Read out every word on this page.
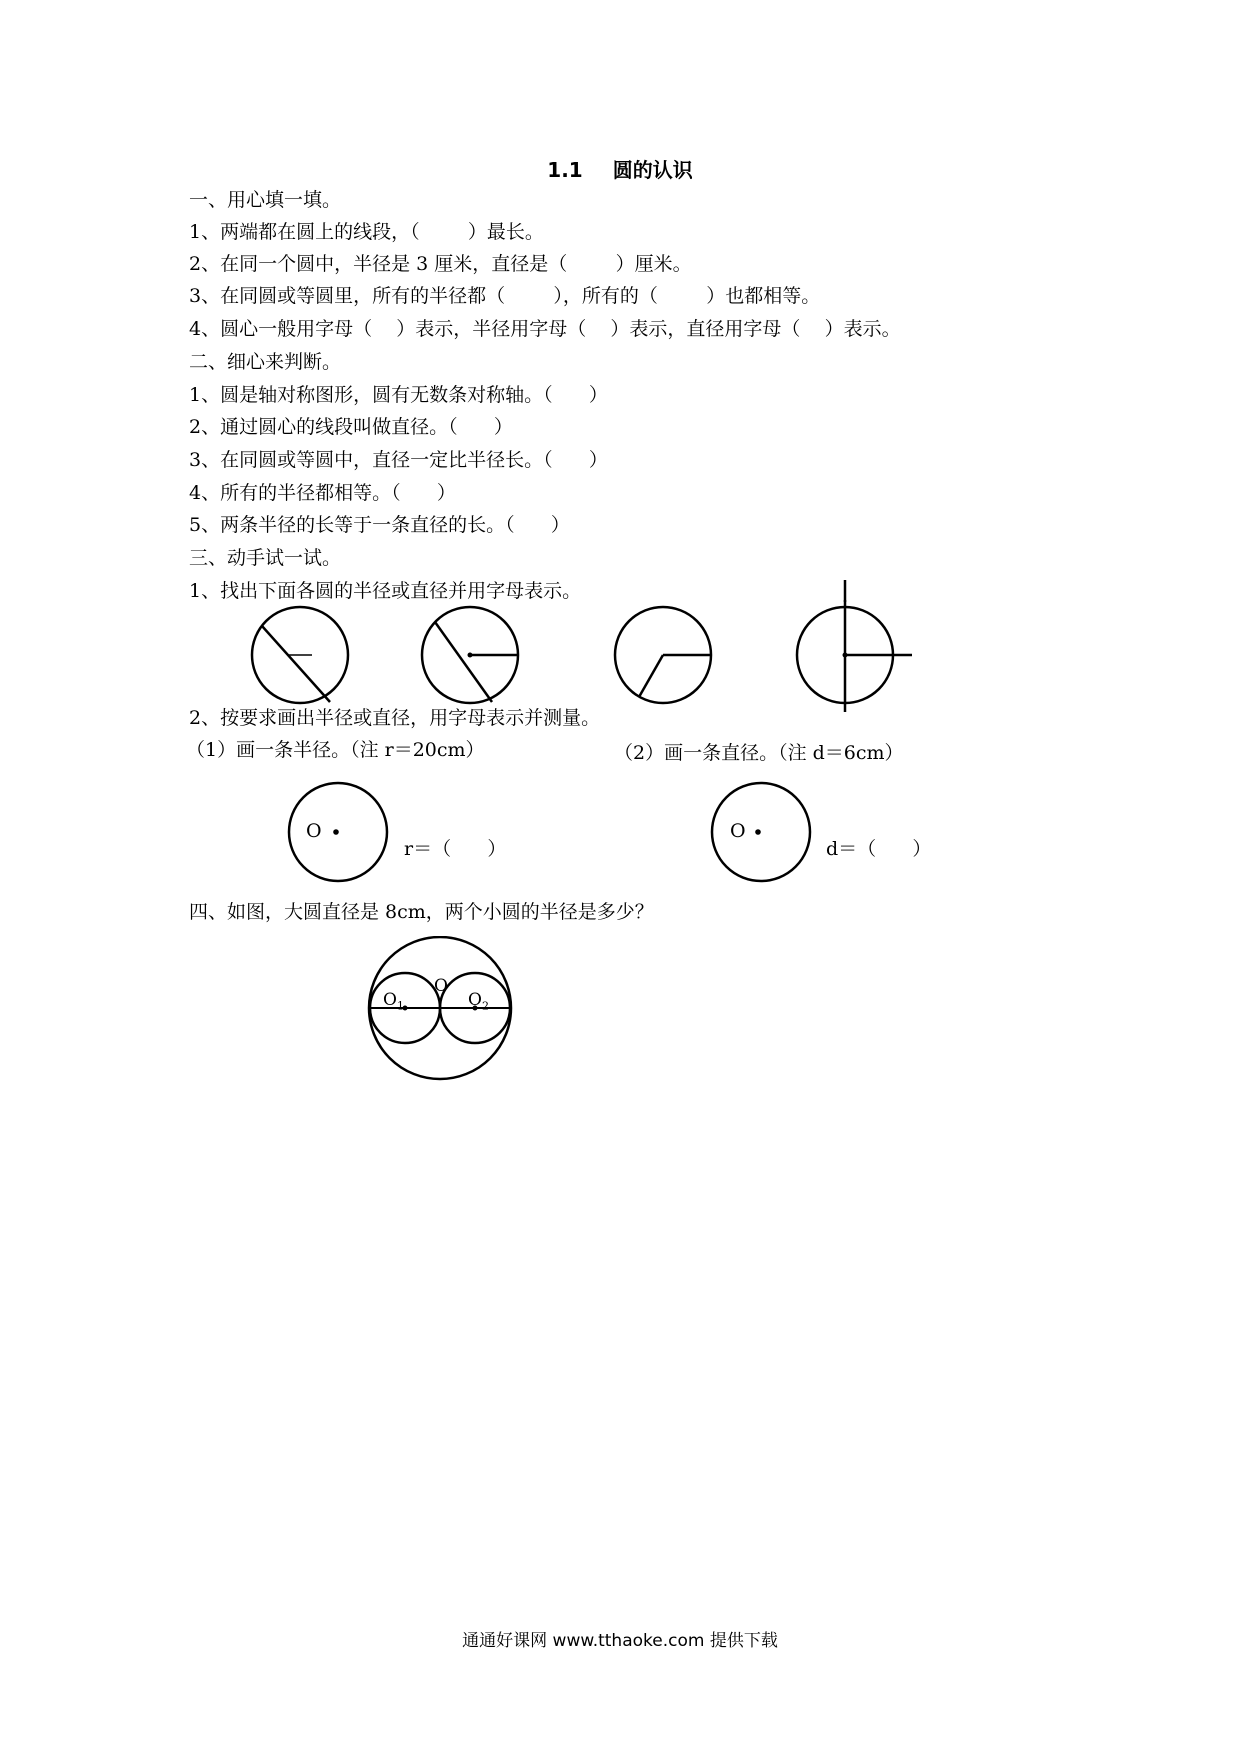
1.1 圆的认识
一、用心填一填。
1、两端都在圆上的线段，（        ）最长。
2、在同一个圆中，半径是 3 厘米，直径是（        ）厘米。
3、在同圆或等圆里，所有的半径都（        ），所有的（        ）也都相等。
4、圆心一般用字母（    ）表示，半径用字母（    ）表示，直径用字母（    ）表示。
二、细心来判断。
1、圆是轴对称图形，圆有无数条对称轴。（      ）
2、通过圆心的线段叫做直径。（      ）
3、在同圆或等圆中，直径一定比半径长。（      ）
4、所有的半径都相等。（      ）
5、两条半径的长等于一条直径的长。（      ）
三、动手试一试。
1、找出下面各圆的半径或直径并用字母表示。
2、按要求画出半径或直径，用字母表示并测量。
（1）画一条半径。（注 r＝20cm）	（2）画一条直径。（注 d＝6cm）
O
r＝（      ）
O
d＝（      ）
四、如图，大圆直径是 8cm，两个小圆的半径是多少？
$O_1$
O
$O_2$
通通好课网 www.tthaoke.com 提供下载
